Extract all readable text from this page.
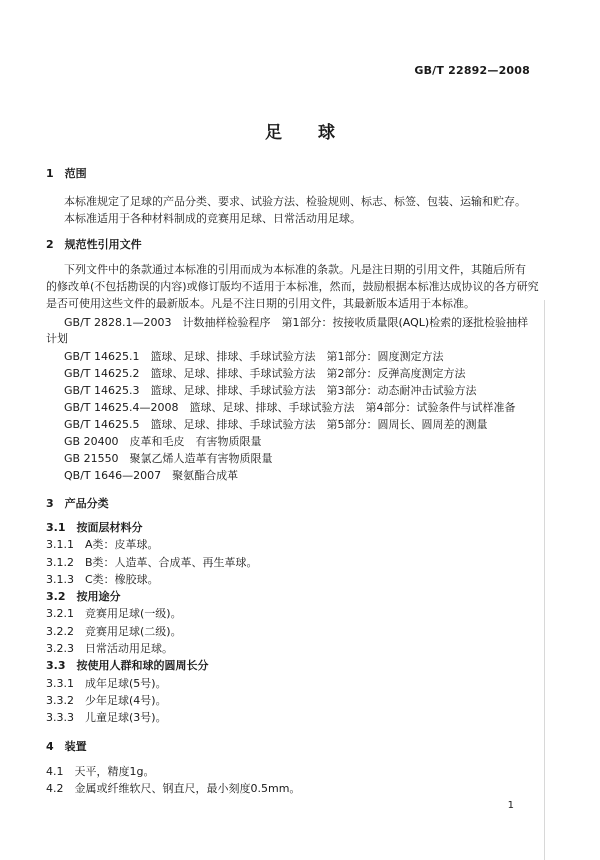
GB/T 22892—2008
足球
1　范围
本标准规定了足球的产品分类、要求、试验方法、检验规则、标志、标签、包装、运输和贮存。
本标准适用于各种材料制成的竞赛用足球、日常活动用足球。
2　规范性引用文件
下列文件中的条款通过本标准的引用而成为本标准的条款。凡是注日期的引用文件，其随后所有
的修改单(不包括勘误的内容)或修订版均不适用于本标准，然而，鼓励根据本标准达成协议的各方研究
是否可使用这些文件的最新版本。凡是不注日期的引用文件，其最新版本适用于本标准。
GB/T 2828.1—2003　计数抽样检验程序　第1部分：按接收质量限(AQL)检索的逐批检验抽样
计划
GB/T 14625.1　篮球、足球、排球、手球试验方法　第1部分：圆度测定方法
GB/T 14625.2　篮球、足球、排球、手球试验方法　第2部分：反弹高度测定方法
GB/T 14625.3　篮球、足球、排球、手球试验方法　第3部分：动态耐冲击试验方法
GB/T 14625.4—2008　篮球、足球、排球、手球试验方法　第4部分：试验条件与试样准备
GB/T 14625.5　篮球、足球、排球、手球试验方法　第5部分：圆周长、圆周差的测量
GB 20400　皮革和毛皮　有害物质限量
GB 21550　聚氯乙烯人造革有害物质限量
QB/T 1646—2007　聚氨酯合成革
3　产品分类
3.1　按面层材料分
3.1.1　A类：皮革球。
3.1.2　B类：人造革、合成革、再生革球。
3.1.3　C类：橡胶球。
3.2　按用途分
3.2.1　竞赛用足球(一级)。
3.2.2　竞赛用足球(二级)。
3.2.3　日常活动用足球。
3.3　按使用人群和球的圆周长分
3.3.1　成年足球(5号)。
3.3.2　少年足球(4号)。
3.3.3　儿童足球(3号)。
4　装置
4.1　天平，精度1g。
4.2　金属或纤维软尺、钢直尺，最小刻度0.5mm。
1
